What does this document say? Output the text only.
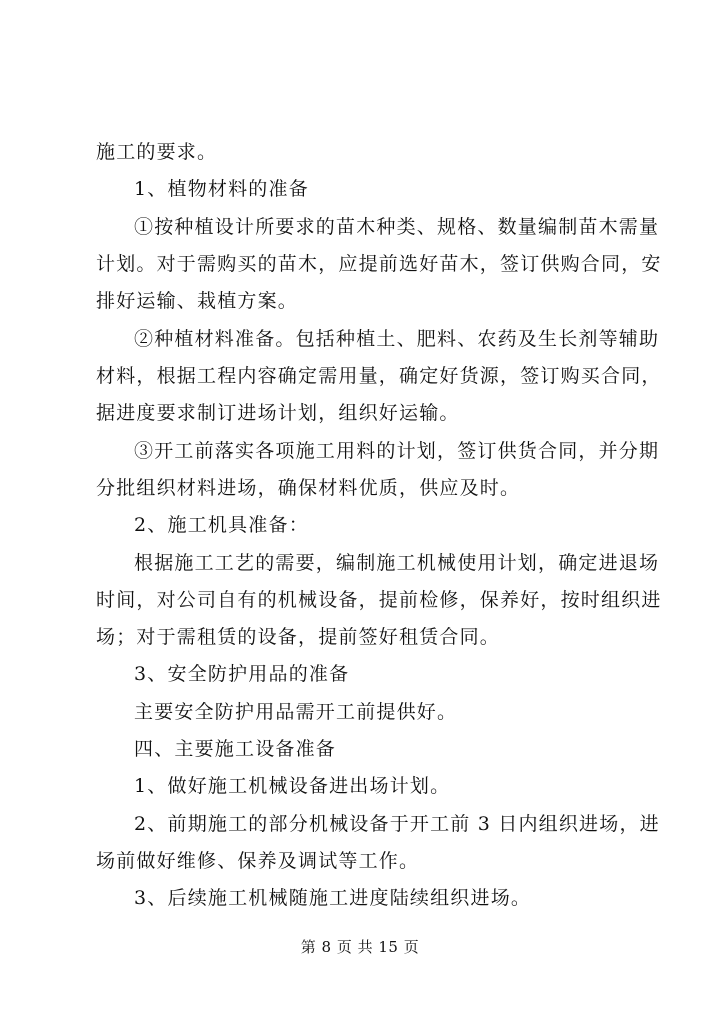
施工的要求。
1、植物材料的准备
①按种植设计所要求的苗木种类、规格、数量编制苗木需量
计划。对于需购买的苗木，应提前选好苗木，签订供购合同，安
排好运输、栽植方案。
②种植材料准备。包括种植土、肥料、农药及生长剂等辅助
材料，根据工程内容确定需用量，确定好货源，签订购买合同，
据进度要求制订进场计划，组织好运输。
③开工前落实各项施工用料的计划，签订供货合同，并分期
分批组织材料进场，确保材料优质，供应及时。
2、施工机具准备：
根据施工工艺的需要，编制施工机械使用计划，确定进退场
时间，对公司自有的机械设备，提前检修，保养好，按时组织进
场；对于需租赁的设备，提前签好租赁合同。
3、安全防护用品的准备
主要安全防护用品需开工前提供好。
四、主要施工设备准备
1、做好施工机械设备进出场计划。
2、前期施工的部分机械设备于开工前 3 日内组织进场，进
场前做好维修、保养及调试等工作。
3、后续施工机械随施工进度陆续组织进场。
第 8 页 共 15 页
